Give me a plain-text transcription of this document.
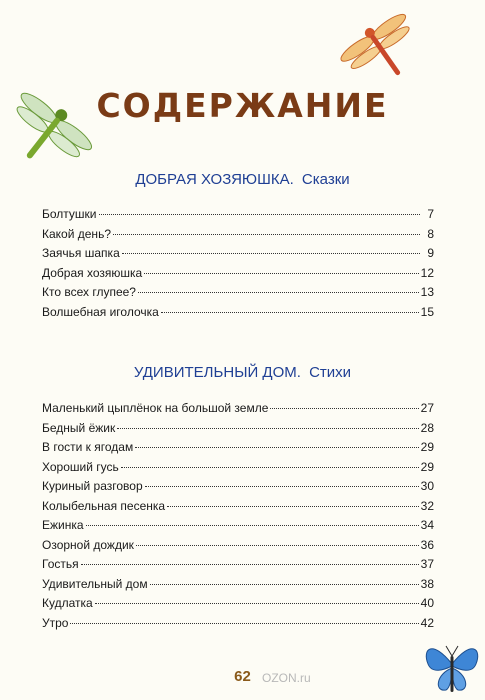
СОДЕРЖАНИЕ
ДОБРАЯ ХОЗЯЮШКА. Сказки
Болтушки	7
Какой день?	8
Заячья шапка	9
Добрая хозяюшка	12
Кто всех глупее?	13
Волшебная иголочка	15
УДИВИТЕЛЬНЫЙ ДОМ. Стихи
Маленький цыплёнок на большой земле	27
Бедный ёжик	28
В гости к ягодам	29
Хороший гусь	29
Куриный разговор	30
Колыбельная песенка	32
Ежинка	34
Озорной дождик	36
Гостья	37
Удивительный дом	38
Кудлатка	40
Утро	42
62 OZON.ru
